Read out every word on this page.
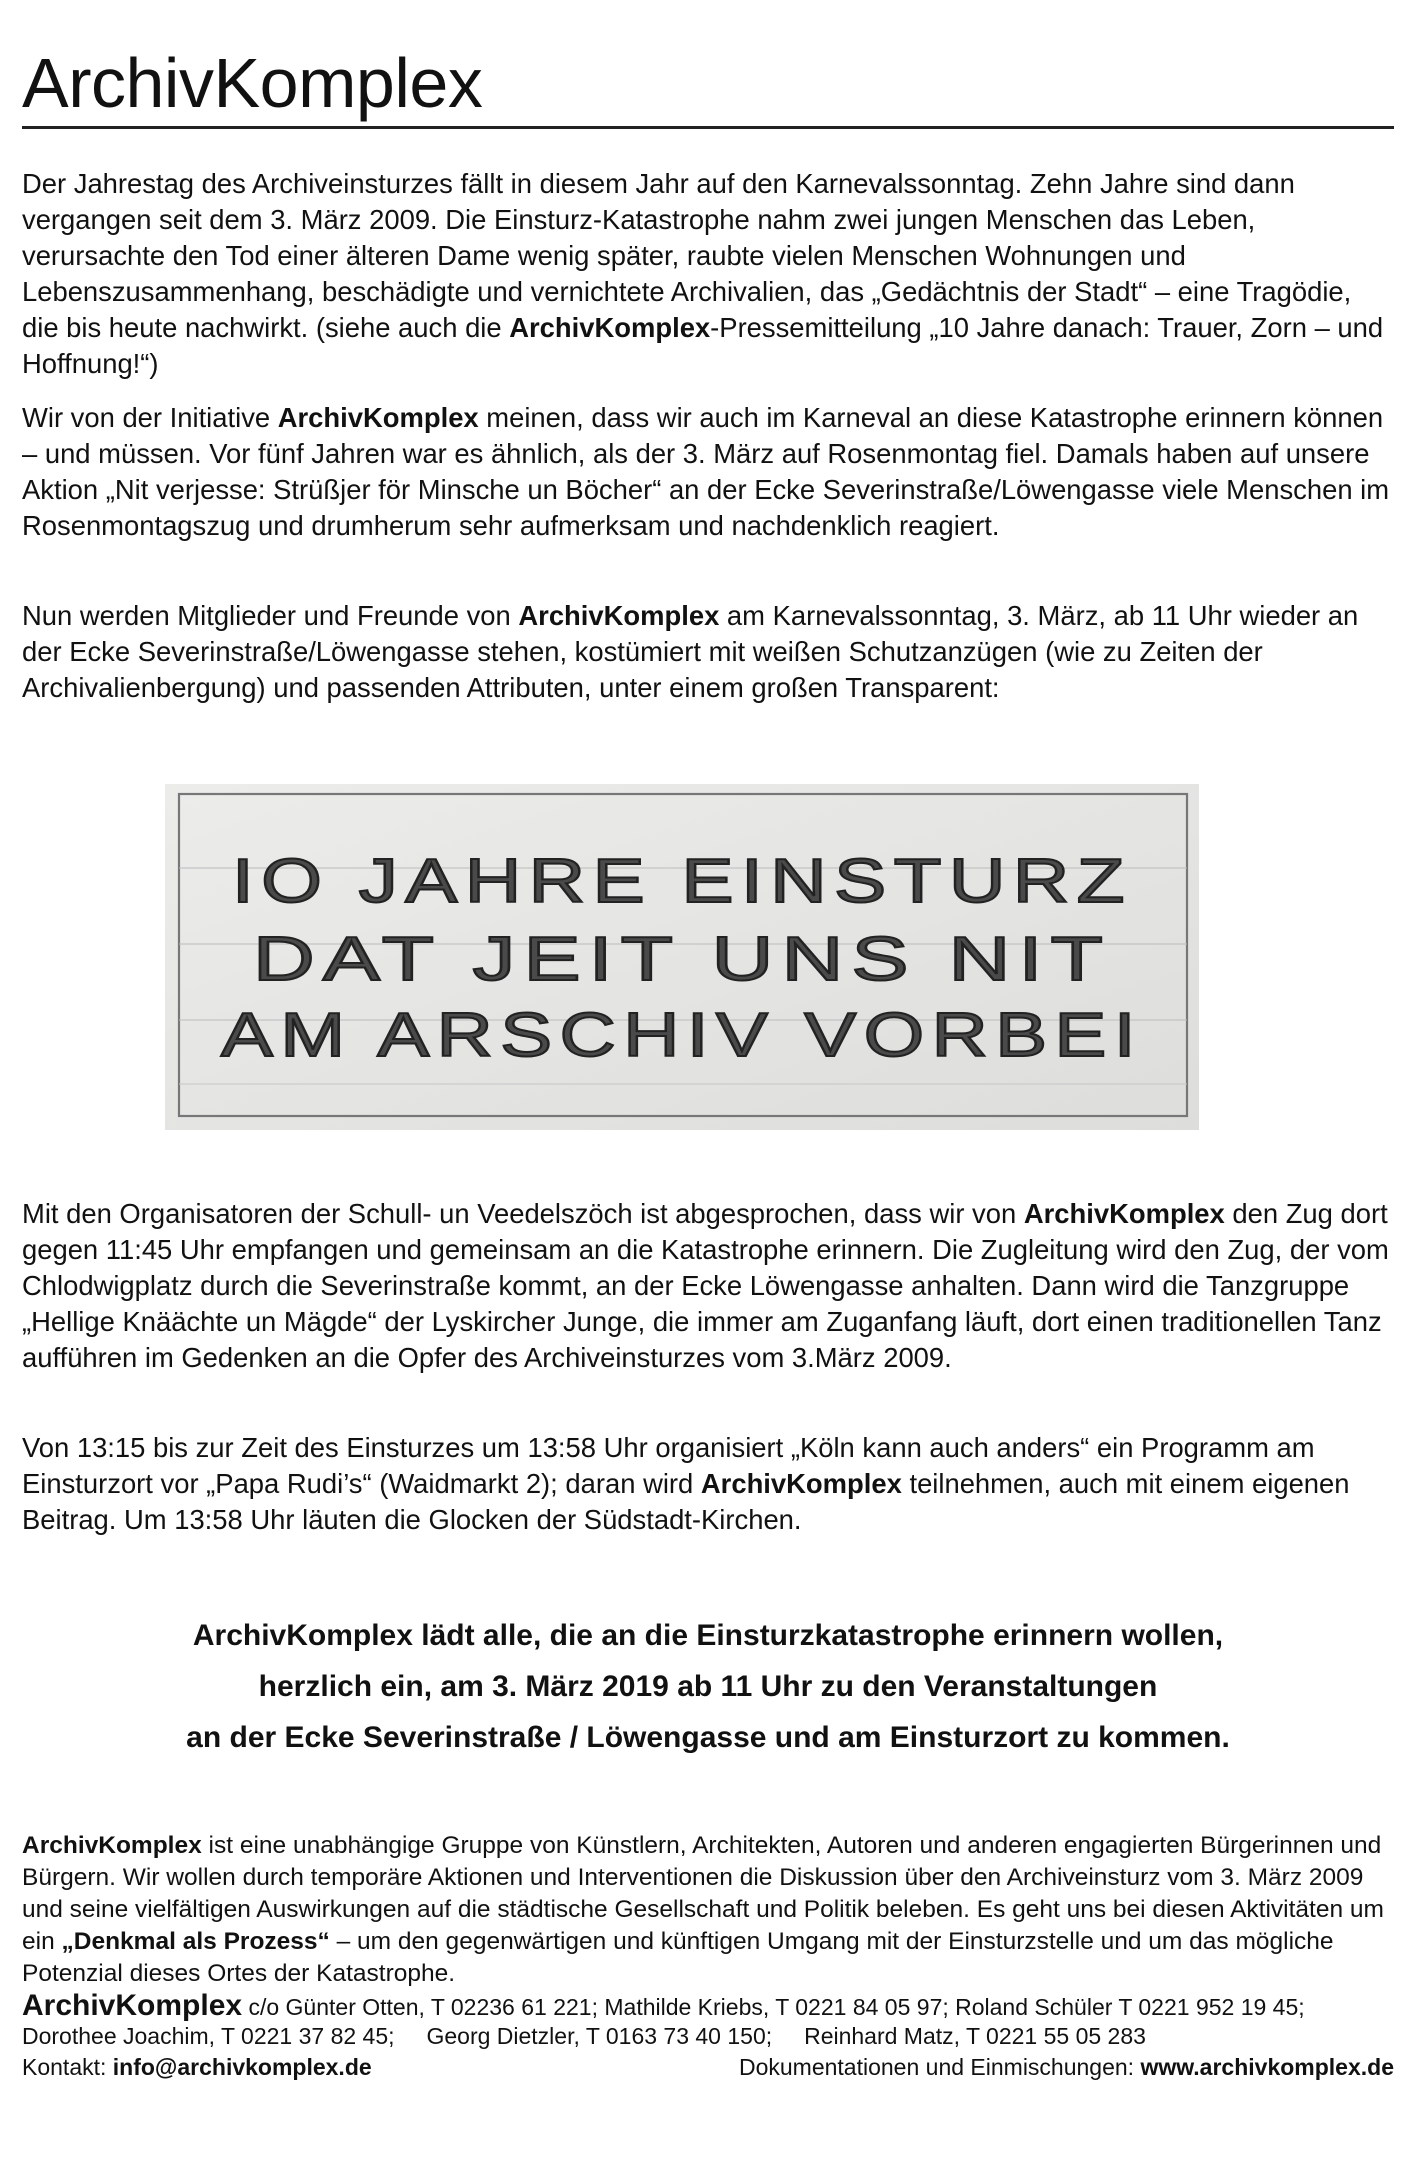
ArchivKomplex

Der Jahrestag des Archiveinsturzes fällt in diesem Jahr auf den Karnevalssonntag. Zehn Jahre sind dann vergangen seit dem 3. März 2009. Die Einsturz-Katastrophe nahm zwei jungen Menschen das Leben, verursachte den Tod einer älteren Dame wenig später, raubte vielen Menschen Wohnungen und Lebenszusammenhang, beschädigte und vernichtete Archivalien, das „Gedächtnis der Stadt“ – eine Tragödie, die bis heute nachwirkt. (siehe auch die ArchivKomplex-Pressemitteilung „10 Jahre danach: Trauer, Zorn – und Hoffnung!“)

Wir von der Initiative ArchivKomplex meinen, dass wir auch im Karneval an diese Katastrophe erinnern können – und müssen. Vor fünf Jahren war es ähnlich, als der 3. März auf Rosenmontag fiel. Damals haben auf unsere Aktion „Nit verjesse: Strüßjer för Minsche un Böcher“ an der Ecke Severinstraße/Löwengasse viele Menschen im Rosenmontagszug und drumherum sehr aufmerksam und nachdenklich reagiert.

Nun werden Mitglieder und Freunde von ArchivKomplex am Karnevalssonntag, 3. März, ab 11 Uhr wieder an der Ecke Severinstraße/Löwengasse stehen, kostümiert mit weißen Schutzanzügen (wie zu Zeiten der Archivalienbergung) und passenden Attributen, unter einem großen Transparent:

IO JAHRE EINSTURZ
DAT JEIT UNS NIT
AM ARSCHIV VORBEI

Mit den Organisatoren der Schull- un Veedelszöch ist abgesprochen, dass wir von ArchivKomplex den Zug dort gegen 11:45 Uhr empfangen und gemeinsam an die Katastrophe erinnern. Die Zugleitung wird den Zug, der vom Chlodwigplatz durch die Severinstraße kommt, an der Ecke Löwengasse anhalten. Dann wird die Tanzgruppe „Hellige Knäächte un Mägde“ der Lyskircher Junge, die immer am Zuganfang läuft, dort einen traditionellen Tanz aufführen im Gedenken an die Opfer des Archiveinsturzes vom 3.März 2009.

Von 13:15 bis zur Zeit des Einsturzes um 13:58 Uhr organisiert „Köln kann auch anders“ ein Programm am Einsturzort vor „Papa Rudi’s“ (Waidmarkt 2); daran wird ArchivKomplex teilnehmen, auch mit einem eigenen Beitrag. Um 13:58 Uhr läuten die Glocken der Südstadt-Kirchen.

ArchivKomplex lädt alle, die an die Einsturzkatastrophe erinnern wollen,
herzlich ein, am 3. März 2019 ab 11 Uhr zu den Veranstaltungen
an der Ecke Severinstraße / Löwengasse und am Einsturzort zu kommen.

ArchivKomplex ist eine unabhängige Gruppe von Künstlern, Architekten, Autoren und anderen engagierten Bürgerinnen und Bürgern. Wir wollen durch temporäre Aktionen und Interventionen die Diskussion über den Archiveinsturz vom 3. März 2009 und seine vielfältigen Auswirkungen auf die städtische Gesellschaft und Politik beleben. Es geht uns bei diesen Aktivitäten um ein „Denkmal als Prozess“ – um den gegenwärtigen und künftigen Umgang mit der Einsturzstelle und um das mögliche Potenzial dieses Ortes der Katastrophe.

ArchivKomplex c/o Günter Otten, T 02236 61 221; Mathilde Kriebs, T 0221 84 05 97; Roland Schüler T 0221 952 19 45;
Dorothee Joachim, T 0221 37 82 45;     Georg Dietzler, T 0163 73 40 150;     Reinhard Matz, T 0221 55 05 283
Kontakt: info@archivkomplex.de	Dokumentationen und Einmischungen: www.archivkomplex.de
